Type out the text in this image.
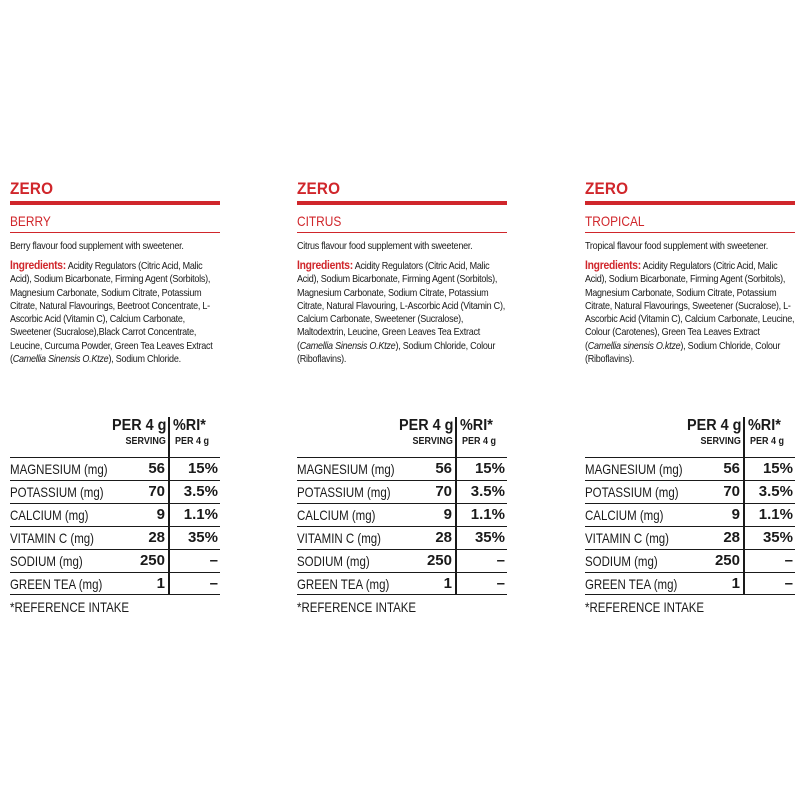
ZERO
BERRY
Berry flavour food supplement with sweetener.
Ingredients: Acidity Regulators (Citric Acid, Malic Acid), Sodium Bicarbonate, Firming Agent (Sorbitols), Magnesium Carbonate, Sodium Citrate, Potassium Citrate, Natural Flavourings, Beetroot Concentrate, L-Ascorbic Acid (Vitamin C), Calcium Carbonate, Sweetener (Sucralose),Black Carrot Concentrate, Leucine, Curcuma Powder, Green Tea Leaves Extract (Camellia Sinensis O.Ktze), Sodium Chloride.
PER 4 g
SERVING
%RI*
PER 4 g
MAGNESIUM (mg)	56	15%
POTASSIUM (mg)	70	3.5%
CALCIUM (mg)	9	1.1%
VITAMIN C (mg)	28	35%
SODIUM (mg)	250	–
GREEN TEA (mg)	1	–
*REFERENCE INTAKE
ZERO
CITRUS
Citrus flavour food supplement with sweetener.
Ingredients: Acidity Regulators (Citric Acid, Malic Acid), Sodium Bicarbonate, Firming Agent (Sorbitols), Magnesium Carbonate, Sodium Citrate, Potassium Citrate, Natural Flavouring, L-Ascorbic Acid (Vitamin C), Calcium Carbonate, Sweetener (Sucralose), Maltodextrin, Leucine, Green Leaves Tea Extract (Camellia Sinensis O.Ktze), Sodium Chloride, Colour (Riboflavins).
PER 4 g
SERVING
%RI*
PER 4 g
MAGNESIUM (mg)	56	15%
POTASSIUM (mg)	70	3.5%
CALCIUM (mg)	9	1.1%
VITAMIN C (mg)	28	35%
SODIUM (mg)	250	–
GREEN TEA (mg)	1	–
*REFERENCE INTAKE
ZERO
TROPICAL
Tropical flavour food supplement with sweetener.
Ingredients: Acidity Regulators (Citric Acid, Malic Acid), Sodium Bicarbonate, Firming Agent (Sorbitols), Magnesium Carbonate, Sodium Citrate, Potassium Citrate, Natural Flavourings, Sweetener (Sucralose), L-Ascorbic Acid (Vitamin C), Calcium Carbonate, Leucine, Colour (Carotenes), Green Tea Leaves Extract (Camellia sinensis O.ktze), Sodium Chloride, Colour (Riboflavins).
PER 4 g
SERVING
%RI*
PER 4 g
MAGNESIUM (mg)	56	15%
POTASSIUM (mg)	70	3.5%
CALCIUM (mg)	9	1.1%
VITAMIN C (mg)	28	35%
SODIUM (mg)	250	–
GREEN TEA (mg)	1	–
*REFERENCE INTAKE
